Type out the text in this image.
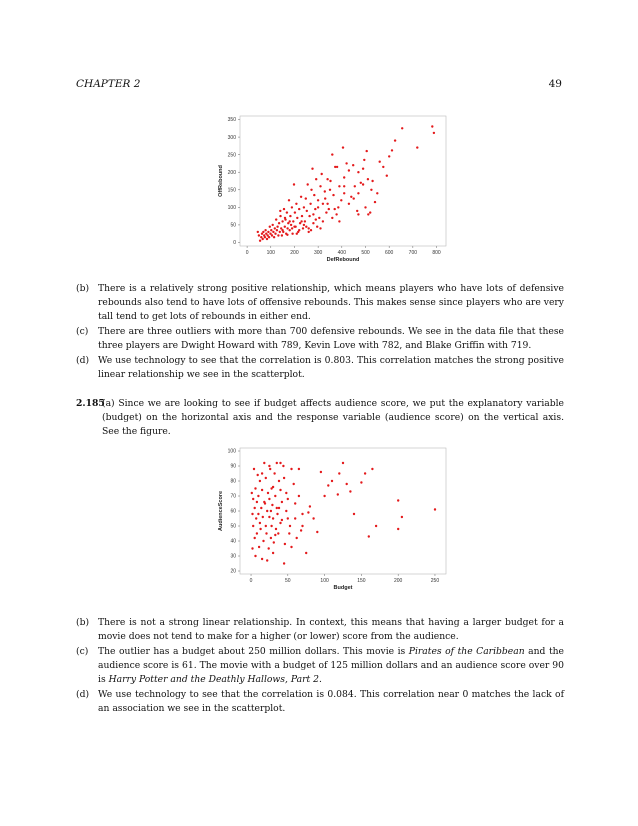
CHAPTER 2	49
0	100	200	300	400	500	600	700	800
0
50
100
150
200
250
300
350
DefRebound
OffRebound
(b) There is a relatively strong positive relationship, which means players who have lots of defensive rebounds also tend to have lots of offensive rebounds. This makes sense since players who are very tall tend to get lots of rebounds in either end.
(c) There are three outliers with more than 700 defensive rebounds. We see in the data file that these three players are Dwight Howard with 789, Kevin Love with 782, and Blake Griffin with 719.
(d) We use technology to see that the correlation is 0.803. This correlation matches the strong positive linear relationship we see in the scatterplot.
2.185
(a) Since we are looking to see if budget affects audience score, we put the explanatory variable (budget) on the horizontal axis and the response variable (audience score) on the vertical axis. See the figure.
0	50	100	150	200	250
20
30
40
50
60
70
80
90
100
Budget
AudienceScore
(b) There is not a strong linear relationship. In context, this means that having a larger budget for a movie does not tend to make for a higher (or lower) score from the audience.
(c) The outlier has a budget about 250 million dollars. This movie is Pirates of the Caribbean and the audience score is 61. The movie with a budget of 125 million dollars and an audience score over 90 is Harry Potter and the Deathly Hallows, Part 2.
(d) We use technology to see that the correlation is 0.084. This correlation near 0 matches the lack of an association we see in the scatterplot.
